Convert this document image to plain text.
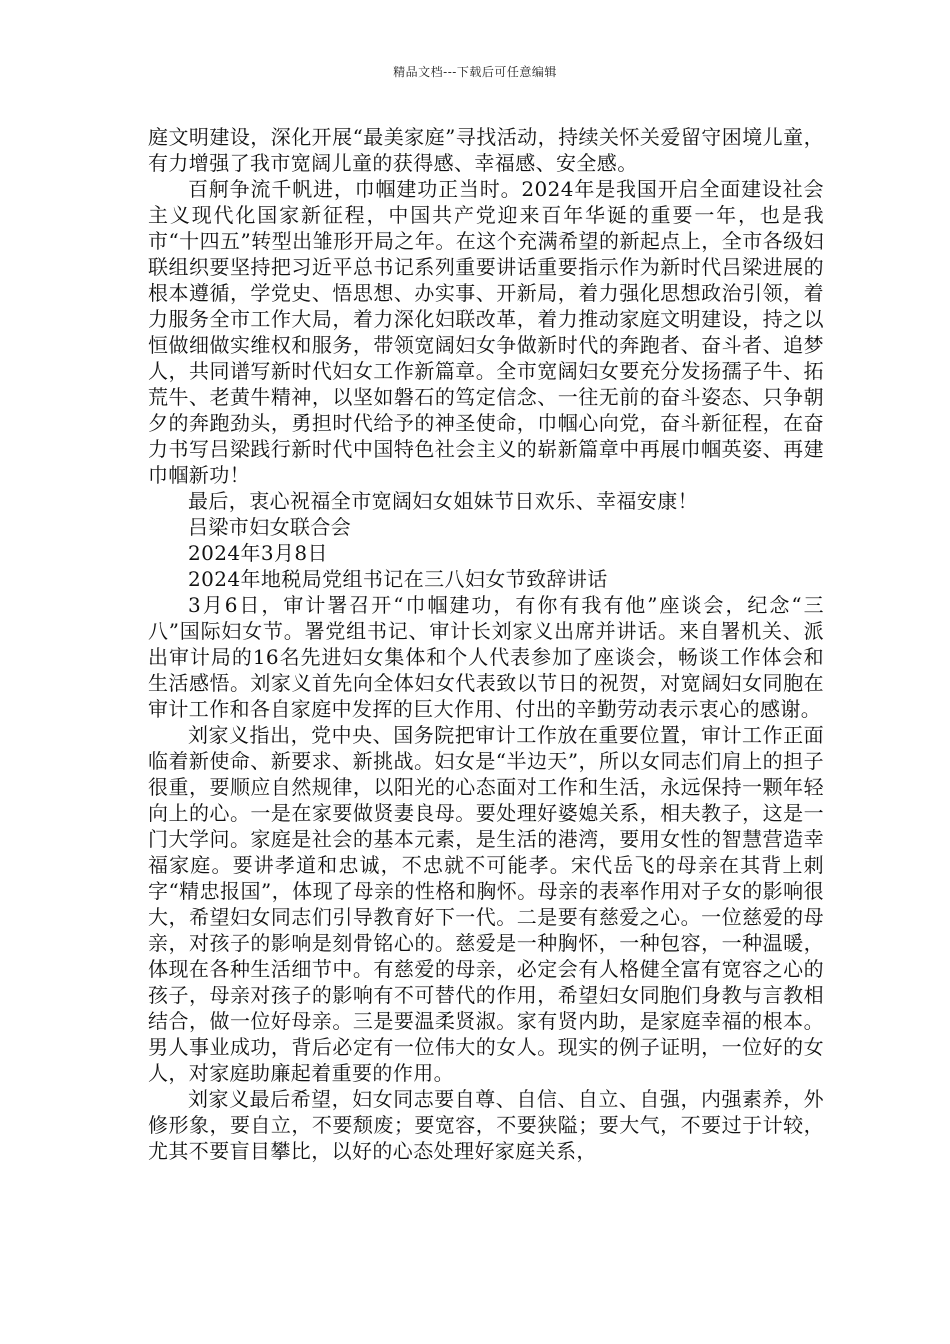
精品文档---下载后可任意编辑

庭文明建设，深化开展“最美家庭”寻找活动，持续关怀关爱留守困境儿童，有力增强了我市宽阔儿童的获得感、幸福感、安全感。

百舸争流千帆进，巾帼建功正当时。2024年是我国开启全面建设社会主义现代化国家新征程，中国共产党迎来百年华诞的重要一年，也是我市“十四五”转型出雏形开局之年。在这个充满希望的新起点上，全市各级妇联组织要坚持把习近平总书记系列重要讲话重要指示作为新时代吕梁进展的根本遵循，学党史、悟思想、办实事、开新局，着力强化思想政治引领，着力服务全市工作大局，着力深化妇联改革，着力推动家庭文明建设，持之以恒做细做实维权和服务，带领宽阔妇女争做新时代的奔跑者、奋斗者、追梦人，共同谱写新时代妇女工作新篇章。全市宽阔妇女要充分发扬孺子牛、拓荒牛、老黄牛精神，以坚如磐石的笃定信念、一往无前的奋斗姿态、只争朝夕的奔跑劲头，勇担时代给予的神圣使命，巾帼心向党，奋斗新征程，在奋力书写吕梁践行新时代中国特色社会主义的崭新篇章中再展巾帼英姿、再建巾帼新功！

最后，衷心祝福全市宽阔妇女姐妹节日欢乐、幸福安康！

吕梁市妇女联合会

2024年3月8日

2024年地税局党组书记在三八妇女节致辞讲话

3月6日，审计署召开“巾帼建功，有你有我有他”座谈会，纪念“三八”国际妇女节。署党组书记、审计长刘家义出席并讲话。来自署机关、派出审计局的16名先进妇女集体和个人代表参加了座谈会，畅谈工作体会和生活感悟。刘家义首先向全体妇女代表致以节日的祝贺，对宽阔妇女同胞在审计工作和各自家庭中发挥的巨大作用、付出的辛勤劳动表示衷心的感谢。

刘家义指出，党中央、国务院把审计工作放在重要位置，审计工作正面临着新使命、新要求、新挑战。妇女是“半边天”，所以女同志们肩上的担子很重，要顺应自然规律，以阳光的心态面对工作和生活，永远保持一颗年轻向上的心。一是在家要做贤妻良母。要处理好婆媳关系，相夫教子，这是一门大学问。家庭是社会的基本元素，是生活的港湾，要用女性的智慧营造幸福家庭。要讲孝道和忠诚，不忠就不可能孝。宋代岳飞的母亲在其背上刺字“精忠报国”，体现了母亲的性格和胸怀。母亲的表率作用对子女的影响很大，希望妇女同志们引导教育好下一代。二是要有慈爱之心。一位慈爱的母亲，对孩子的影响是刻骨铭心的。慈爱是一种胸怀，一种包容，一种温暖，体现在各种生活细节中。有慈爱的母亲，必定会有人格健全富有宽容之心的孩子，母亲对孩子的影响有不可替代的作用，希望妇女同胞们身教与言教相结合，做一位好母亲。三是要温柔贤淑。家有贤内助，是家庭幸福的根本。男人事业成功，背后必定有一位伟大的女人。现实的例子证明，一位好的女人，对家庭助廉起着重要的作用。

刘家义最后希望，妇女同志要自尊、自信、自立、自强，内强素养，外修形象，要自立，不要颓废；要宽容，不要狭隘；要大气，不要过于计较，尤其不要盲目攀比，以好的心态处理好家庭关系，
